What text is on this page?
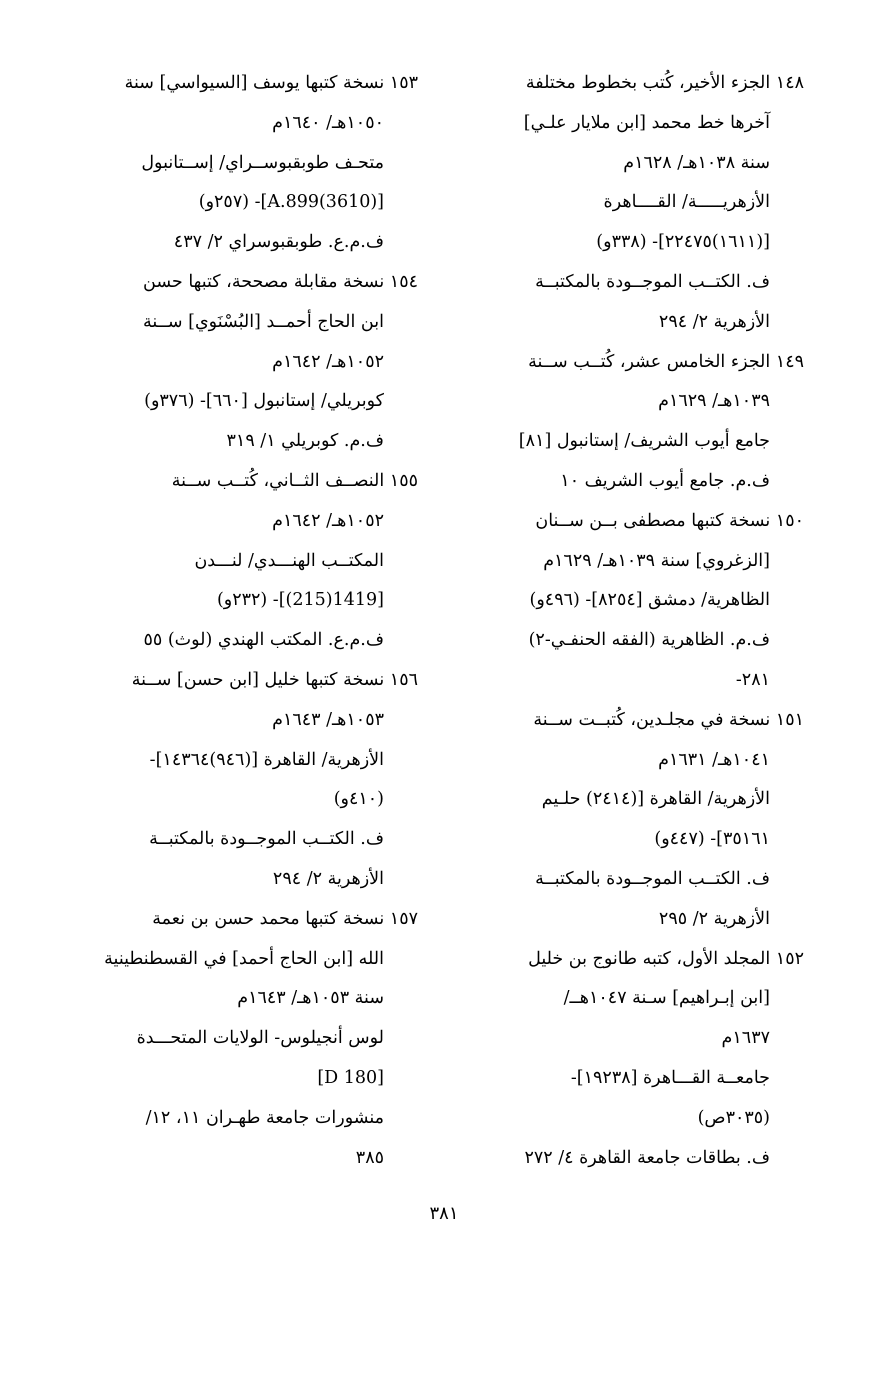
١٤٨ الجزء الأخير، كُتب بخطوط مختلفة
آخرها خط محمد [ابن ملايار علـي]
سنة ١٠٣٨هـ/ ١٦٢٨م
الأزهريـــــة/ القــــاهرة
[(١٦١١)٢٢٤٧٥]- (٣٣٨و)
ف. الكتــب الموجــودة بالمكتبــة
الأزهرية ٢/ ٢٩٤
١٤٩ الجزء الخامس عشر، كُتــب ســنة
١٠٣٩هـ/ ١٦٢٩م
جامع أيوب الشريف/ إستانبول [٨١]
ف.م. جامع أيوب الشريف ١٠
١٥٠ نسخة كتبها مصطفى بــن ســنان
[الزغروي] سنة ١٠٣٩هـ/ ١٦٢٩م
الظاهرية/ دمشق [٨٢٥٤]- (٤٩٦و)
ف.م. الظاهرية (الفقه الحنفـي-٢)
٢٨١-
١٥١ نسخة في مجلـدين، كُتبــت ســنة
١٠٤١هـ/ ١٦٣١م
الأزهرية/ القاهرة [(٢٤١٤) حلـيم
٣٥١٦١]- (٤٤٧و)
ف. الكتــب الموجــودة بالمكتبــة
الأزهرية ٢/ ٢٩٥
١٥٢ المجلد الأول، كتبه طانوج بن خليل
[ابن إبـراهيم] سـنة ١٠٤٧هــ/
١٦٣٧م
جامعــة القـــاهرة [١٩٢٣٨]-
(٣٠٣٥ص)
ف. بطاقات جامعة القاهرة ٤/ ٢٧٢
١٥٣ نسخة كتبها يوسف [السيواسي] سنة
١٠٥٠هـ/ ١٦٤٠م
متحـف طوبقبوســراي/ إســتانبول
[A.899(3610)]- (٢٥٧و)
ف.م.ع. طوبقبوسراي ٢/ ٤٣٧
١٥٤ نسخة مقابلة مصححة، كتبها حسن
ابن الحاج أحمــد [البُسْنَوي] ســنة
١٠٥٢هـ/ ١٦٤٢م
كوبريلي/ إستانبول [٦٦٠]- (٣٧٦و)
ف.م. كوبريلي ١/ ٣١٩
١٥٥ النصــف الثــاني، كُتــب ســنة
١٠٥٢هـ/ ١٦٤٢م
المكتــب الهنـــدي/ لنـــدن
[1419(215)]- (٢٣٢و)
ف.م.ع. المكتب الهندي (لوث) ٥٥
١٥٦ نسخة كتبها خليل [ابن حسن] ســنة
١٠٥٣هـ/ ١٦٤٣م
الأزهرية/ القاهرة [(٩٤٦)١٤٣٦٤]-
(٤١٠و)
ف. الكتــب الموجــودة بالمكتبــة
الأزهرية ٢/ ٢٩٤
١٥٧ نسخة كتبها محمد حسن بن نعمة
الله [ابن الحاج أحمد] في القسطنطينية
سنة ١٠٥٣هـ/ ١٦٤٣م
لوس أنجيلوس- الولايات المتحـــدة
[D 180]
منشورات جامعة طهـران ١١، ١٢/
٣٨٥
٣٨١
